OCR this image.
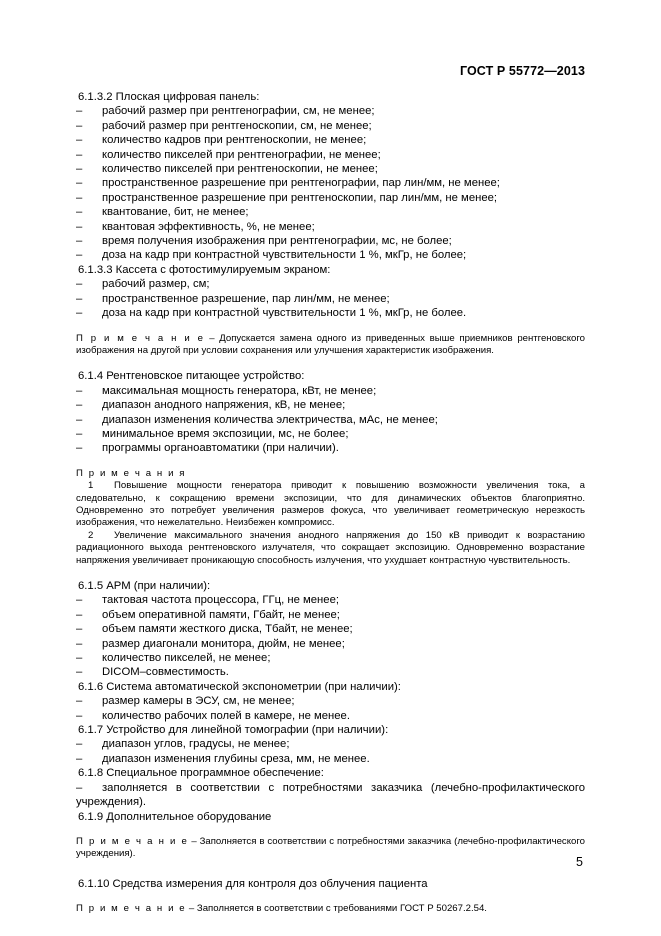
ГОСТ Р 55772—2013
6.1.3.2 Плоская цифровая панель:
– рабочий размер при рентгенографии, см, не менее;
– рабочий размер при рентгеноскопии, см, не менее;
– количество кадров при рентгеноскопии, не менее;
– количество пикселей при рентгенографии, не менее;
– количество пикселей при рентгеноскопии, не менее;
– пространственное разрешение при рентгенографии, пар лин/мм, не менее;
– пространственное разрешение при рентгеноскопии, пар лин/мм, не менее;
– квантование, бит, не менее;
– квантовая эффективность, %, не менее;
– время получения изображения при рентгенографии, мс, не более;
– доза на кадр при контрастной чувствительности 1 %, мкГр, не более;
6.1.3.3 Кассета с фотостимулируемым экраном:
– рабочий размер, см;
– пространственное разрешение, пар лин/мм, не менее;
– доза на кадр при контрастной чувствительности 1 %, мкГр, не более.
П р и м е ч а н и е – Допускается замена одного из приведенных выше приемников рентгеновского изображения на другой при условии сохранения или улучшения характеристик изображения.
6.1.4 Рентгеновское питающее устройство:
– максимальная мощность генератора, кВт, не менее;
– диапазон анодного напряжения, кВ, не менее;
– диапазон изменения количества электричества, мАс, не менее;
– минимальное время экспозиции, мс, не более;
– программы органоавтоматики (при наличии).
П р и м е ч а н и я
1 Повышение мощности генератора приводит к повышению возможности увеличения тока, а следовательно, к сокращению времени экспозиции, что для динамических объектов благоприятно. Одновременно это потребует увеличения размеров фокуса, что увеличивает геометрическую нерезкость изображения, что нежелательно. Неизбежен компромисс.
2 Увеличение максимального значения анодного напряжения до 150 кВ приводит к возрастанию радиационного выхода рентгеновского излучателя, что сокращает экспозицию. Одновременно возрастание напряжения увеличивает проникающую способность излучения, что ухудшает контрастную чувствительность.
6.1.5 АРМ (при наличии):
– тактовая частота процессора, ГГц, не менее;
– объем оперативной памяти, Гбайт, не менее;
– объем памяти жесткого диска, Тбайт, не менее;
– размер диагонали монитора, дюйм, не менее;
– количество пикселей, не менее;
– DICOM–совместимость.
6.1.6 Система автоматической экспонометрии (при наличии):
– размер камеры в ЭСУ, см, не менее;
– количество рабочих полей в камере, не менее.
6.1.7 Устройство для линейной томографии (при наличии):
– диапазон углов, градусы, не менее;
– диапазон изменения глубины среза, мм, не менее.
6.1.8 Специальное программное обеспечение:
– заполняется в соответствии с потребностями заказчика (лечебно-профилактического учреждения).
6.1.9 Дополнительное оборудование
П р и м е ч а н и е – Заполняется в соответствии с потребностями заказчика (лечебно-профилактического учреждения).
6.1.10 Средства измерения для контроля доз облучения пациента
П р и м е ч а н и е – Заполняется в соответствии с требованиями ГОСТ Р 50267.2.54.
5
